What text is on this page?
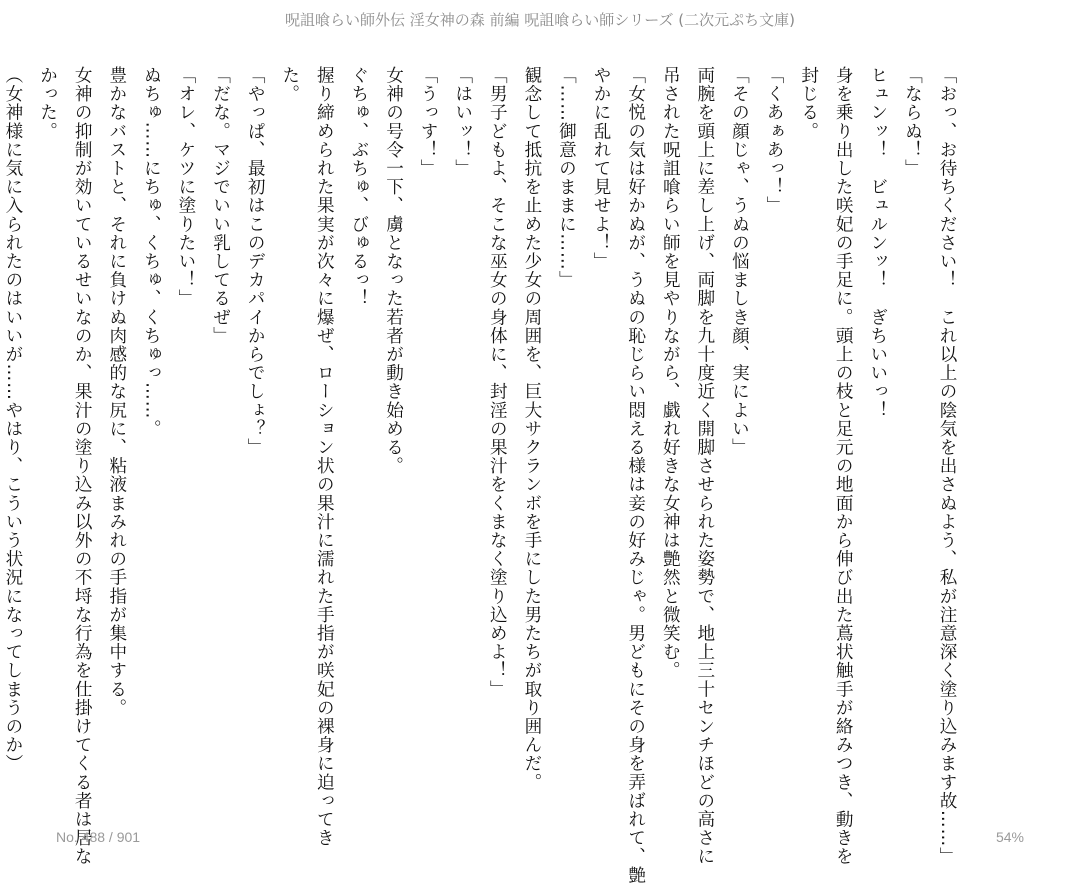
呪詛喰らい師外伝 淫女神の森 前編 呪詛喰らい師シリーズ (二次元ぷち文庫)
「おっ、お待ちください！　これ以上の陰気を出さぬよう、私が注意深く塗り込みます故……」
「ならぬ！」
ヒュンッ！　ビュルンッ！　ぎちいいっ！
身を乗り出した咲妃の手足に。頭上の枝と足元の地面から伸び出た蔦状触手が絡みつき、動きを
封じる。
「くあぁあっ！」
「その顔じゃ、うぬの悩ましき顔、実によい」
両腕を頭上に差し上げ、両脚を九十度近く開脚させられた姿勢で、地上三十センチほどの高さに
吊された呪詛喰らい師を見やりながら、戯れ好きな女神は艶然と微笑む。
「女悦の気は好かぬが、うぬの恥じらい悶える様は妾の好みじゃ。男どもにその身を弄ばれて、艶
やかに乱れて見せよ！」
「……御意のままに……」
観念して抵抗を止めた少女の周囲を、巨大サクランボを手にした男たちが取り囲んだ。
「男子どもよ、そこな巫女の身体に、封淫の果汁をくまなく塗り込めよ！」
「はいッ！」
「うっす！」
女神の号令一下、虜となった若者が動き始める。
ぐちゅ、ぶちゅ、びゅるっ！
握り締められた果実が次々に爆ぜ、ローション状の果汁に濡れた手指が咲妃の裸身に迫ってき
た。
「やっぱ、最初はこのデカパイからでしょ？」
「だな。マジでいい乳してるぜ」
「オレ、ケツに塗りたい！」
ぬちゅ……にちゅ、くちゅ、くちゅっ……。
豊かなバストと、それに負けぬ肉感的な尻に、粘液まみれの手指が集中する。
女神の抑制が効いているせいなのか、果汁の塗り込み以外の不埒な行為を仕掛けてくる者は居な
かった。
（女神様に気に入られたのはいいが……やはり、こういう状況になってしまうのか）
No. 488 / 901	54%
